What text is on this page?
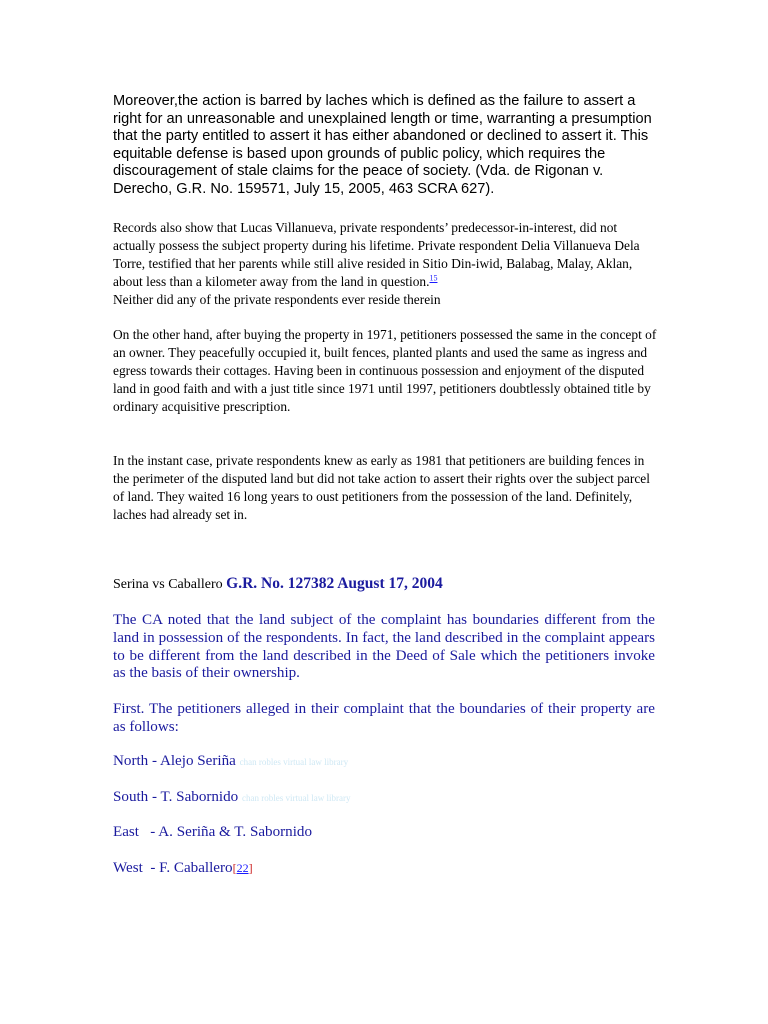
Moreover,the action is barred by laches which is defined as the failure to assert a right for an unreasonable and unexplained length or time, warranting a presumption that the party entitled to assert it has either abandoned or declined to assert it. This equitable defense is based upon grounds of public policy, which requires the discouragement of stale claims for the peace of society. (Vda. de Rigonan v. Derecho, G.R. No. 159571, July 15, 2005, 463 SCRA 627).

Records also show that Lucas Villanueva, private respondents’ predecessor-in-interest, did not actually possess the subject property during his lifetime. Private respondent Delia Villanueva Dela Torre, testified that her parents while still alive resided in Sitio Din-iwid, Balabag, Malay, Aklan, about less than a kilometer away from the land in question.$^{15}$
Neither did any of the private respondents ever reside therein

On the other hand, after buying the property in 1971, petitioners possessed the same in the concept of an owner. They peacefully occupied it, built fences, planted plants and used the same as ingress and egress towards their cottages. Having been in continuous possession and enjoyment of the disputed land in good faith and with a just title since 1971 until 1997, petitioners doubtlessly obtained title by ordinary acquisitive prescription.

In the instant case, private respondents knew as early as 1981 that petitioners are building fences in the perimeter of the disputed land but did not take action to assert their rights over the subject parcel of land. They waited 16 long years to oust petitioners from the possession of the land. Definitely, laches had already set in.

Serina vs Caballero G.R. No. 127382 August 17, 2004

The CA noted that the land subject of the complaint has boundaries different from the land in possession of the respondents. In fact, the land described in the complaint appears to be different from the land described in the Deed of Sale which the petitioners invoke as the basis of their ownership.

First. The petitioners alleged in their complaint that the boundaries of their property are as follows:

North - Alejo Seriña chan robles virtual law library

South - T. Sabornido chan robles virtual law library

East   - A. Seriña & T. Sabornido

West  - F. Caballero[22]
